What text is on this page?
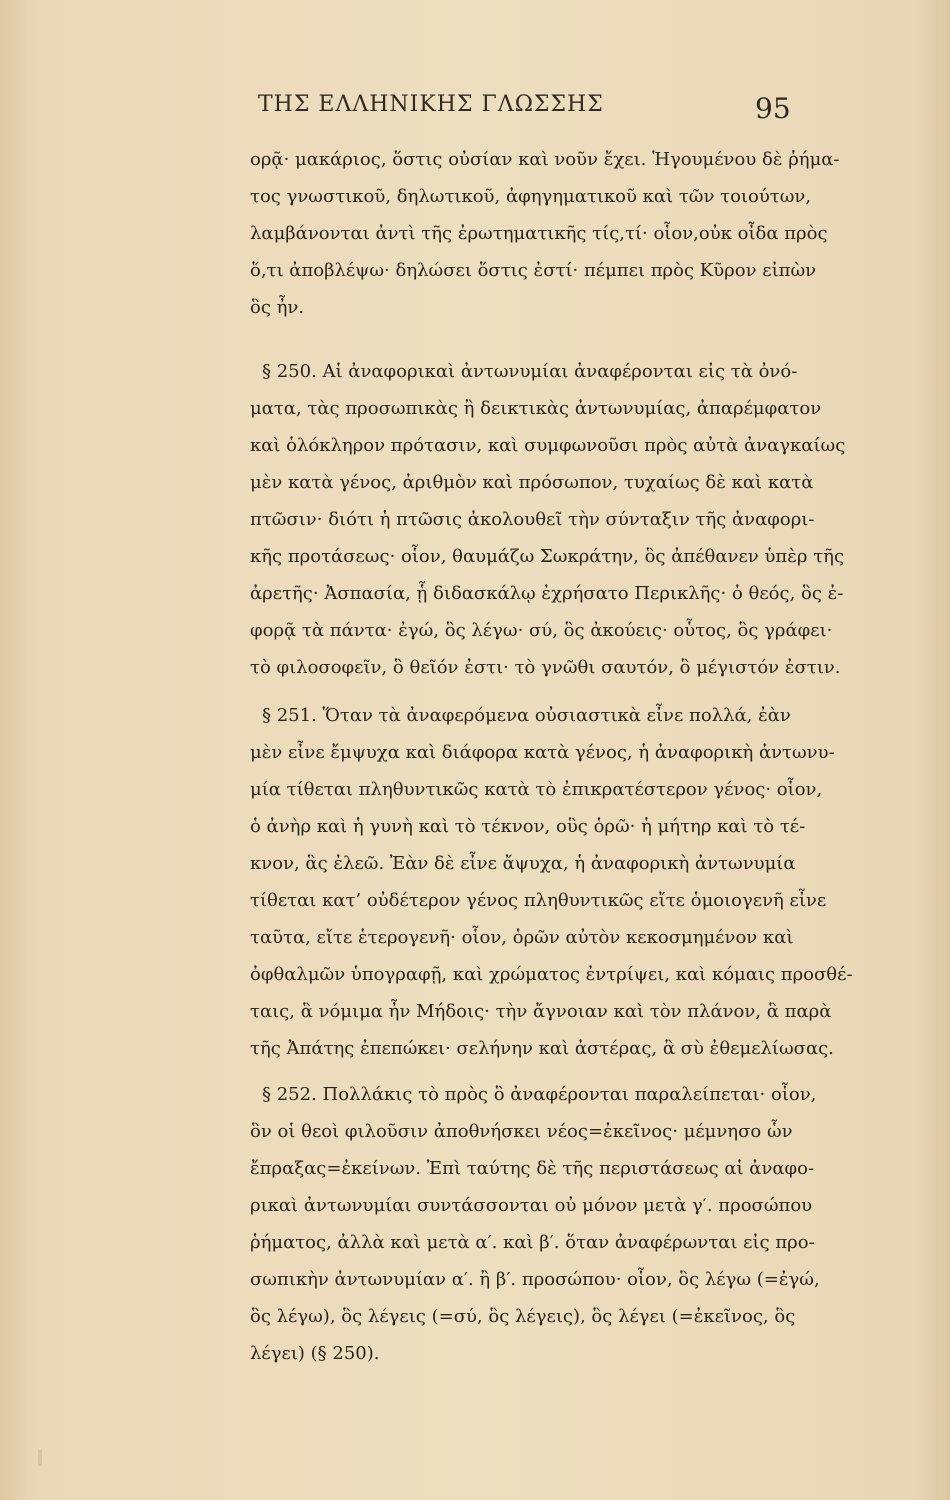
ΤΗΣ ΕΛΛΗΝΙΚΗΣ ΓΛΩΣΣΗΣ	95
ορᾷ· μακάριος, ὅστις οὐσίαν καὶ νοῦν ἔχει. Ἡγουμένου δὲ ῥήμα-
τος γνωστικοῦ, δηλωτικοῦ, ἀφηγηματικοῦ καὶ τῶν τοιούτων,
λαμβάνονται ἀντὶ τῆς ἐρωτηματικῆς τίς,τί· οἷον,οὐκ οἶδα πρὸς
ὅ,τι ἀποβλέψω· δηλώσει ὅστις ἐστί· πέμπει πρὸς Κῦρον εἰπὼν
ὃς ἦν.
§ 250. Αἱ ἀναφορικαὶ ἀντωνυμίαι ἀναφέρονται εἰς τὰ ὀνό-
ματα, τὰς προσωπικὰς ἢ δεικτικὰς ἀντωνυμίας, ἀπαρέμφατον
καὶ ὁλόκληρον πρότασιν, καὶ συμφωνοῦσι πρὸς αὐτὰ ἀναγκαίως
μὲν κατὰ γένος, ἀριθμὸν καὶ πρόσωπον, τυχαίως δὲ καὶ κατὰ
πτῶσιν· διότι ἡ πτῶσις ἀκολουθεῖ τὴν σύνταξιν τῆς ἀναφορι-
κῆς προτάσεως· οἷον, θαυμάζω Σωκράτην, ὃς ἀπέθανεν ὑπὲρ τῆς
ἀρετῆς· Ἀσπασία, ᾗ διδασκάλῳ ἐχρήσατο Περικλῆς· ὁ θεός, ὃς ἐ-
φορᾷ τὰ πάντα· ἐγώ, ὃς λέγω· σύ, ὃς ἀκούεις· οὗτος, ὃς γράφει·
τὸ φιλοσοφεῖν, ὃ θεῖόν ἐστι· τὸ γνῶθι σαυτόν, ὃ μέγιστόν ἐστιν.
§ 251. Ὅταν τὰ ἀναφερόμενα οὐσιαστικὰ εἶνε πολλά, ἐὰν
μὲν εἶνε ἔμψυχα καὶ διάφορα κατὰ γένος, ἡ ἀναφορικὴ ἀντωνυ-
μία τίθεται πληθυντικῶς κατὰ τὸ ἐπικρατέστερον γένος· οἷον,
ὁ ἀνὴρ καὶ ἡ γυνὴ καὶ τὸ τέκνον, οὓς ὁρῶ· ἡ μήτηρ καὶ τὸ τέ-
κνον, ἃς ἐλεῶ. Ἐὰν δὲ εἶνε ἄψυχα, ἡ ἀναφορικὴ ἀντωνυμία
τίθεται κατ’ οὐδέτερον γένος πληθυντικῶς εἴτε ὁμοιογενῆ εἶνε
ταῦτα, εἴτε ἑτερογενῆ· οἷον, ὁρῶν αὐτὸν κεκοσμημένον καὶ
ὀφθαλμῶν ὑπογραφῇ, καὶ χρώματος ἐντρίψει, καὶ κόμαις προσθέ-
ταις, ἃ νόμιμα ἦν Μήδοις· τὴν ἄγνοιαν καὶ τὸν πλάνον, ἃ παρὰ
τῆς Ἀπάτης ἐπεπώκει· σελήνην καὶ ἀστέρας, ἃ σὺ ἐθεμελίωσας.
§ 252. Πολλάκις τὸ πρὸς ὃ ἀναφέρονται παραλείπεται· οἷον,
ὃν οἱ θεοὶ φιλοῦσιν ἀποθνήσκει νέος=ἐκεῖνος· μέμνησο ὧν
ἔπραξας=ἐκείνων. Ἐπὶ ταύτης δὲ τῆς περιστάσεως αἱ ἀναφο-
ρικαὶ ἀντωνυμίαι συντάσσονται οὐ μόνον μετὰ γ′. προσώπου
ῥήματος, ἀλλὰ καὶ μετὰ α′. καὶ β′. ὅταν ἀναφέρωνται εἰς προ-
σωπικὴν ἀντωνυμίαν α′. ἢ β′. προσώπου· οἷον, ὃς λέγω (=ἐγώ,
ὃς λέγω), ὃς λέγεις (=σύ, ὃς λέγεις), ὃς λέγει (=ἐκεῖνος, ὃς
λέγει) (§ 250).
